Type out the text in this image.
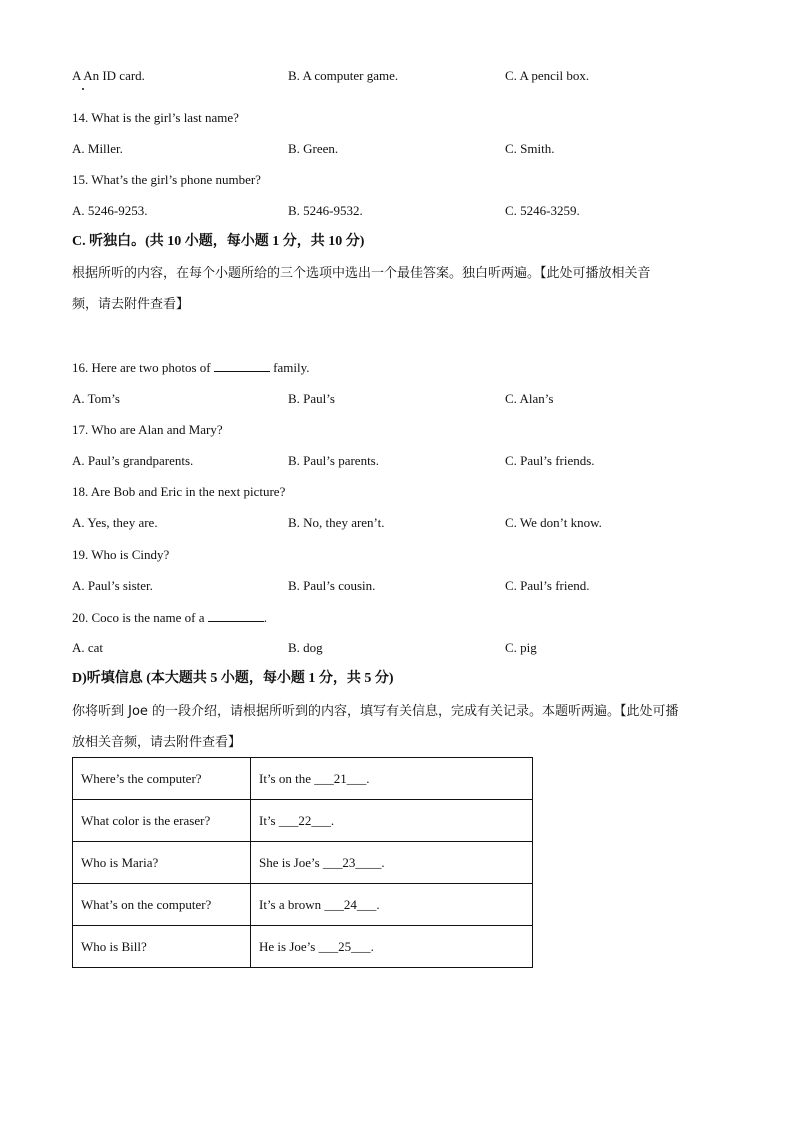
A An ID card.	B. A computer game.	C. A pencil box.
14. What is the girl’s last name?
A. Miller.	B. Green.	C. Smith.
15. What’s the girl’s phone number?
A. 5246-9253.	B. 5246-9532.	C. 5246-3259.
C. 听独白。(共 10 小题，每小题 1 分，共 10 分)
根据所听的内容，在每个小题所给的三个选项中选出一个最佳答案。独白听两遍。【此处可播放相关音
频，请去附件查看】
16. Here are two photos of	family.
A. Tom’s	B. Paul’s	C. Alan’s
17. Who are Alan and Mary?
A. Paul’s grandparents.	B. Paul’s parents.	C. Paul’s friends.
18. Are Bob and Eric in the next picture?
A. Yes, they are.	B. No, they aren’t.	C. We don’t know.
19. Who is Cindy?
A. Paul’s sister.	B. Paul’s cousin.	C. Paul’s friend.
20. Coco is the name of a	.
A. cat	B. dog	C. pig
D)听填信息 (本大题共 5 小题，每小题 1 分，共 5 分)
你将听到 Joe 的一段介绍，请根据所听到的内容，填写有关信息，完成有关记录。本题听两遍。【此处可播
放相关音频，请去附件查看】
Where’s the computer?	It’s on the ___21___.
What color is the eraser?	It’s ___22___.
Who is Maria?	She is Joe’s ___23____.
What’s on the computer?	It’s a brown ___24___.
Who is Bill?	He is Joe’s ___25___.
